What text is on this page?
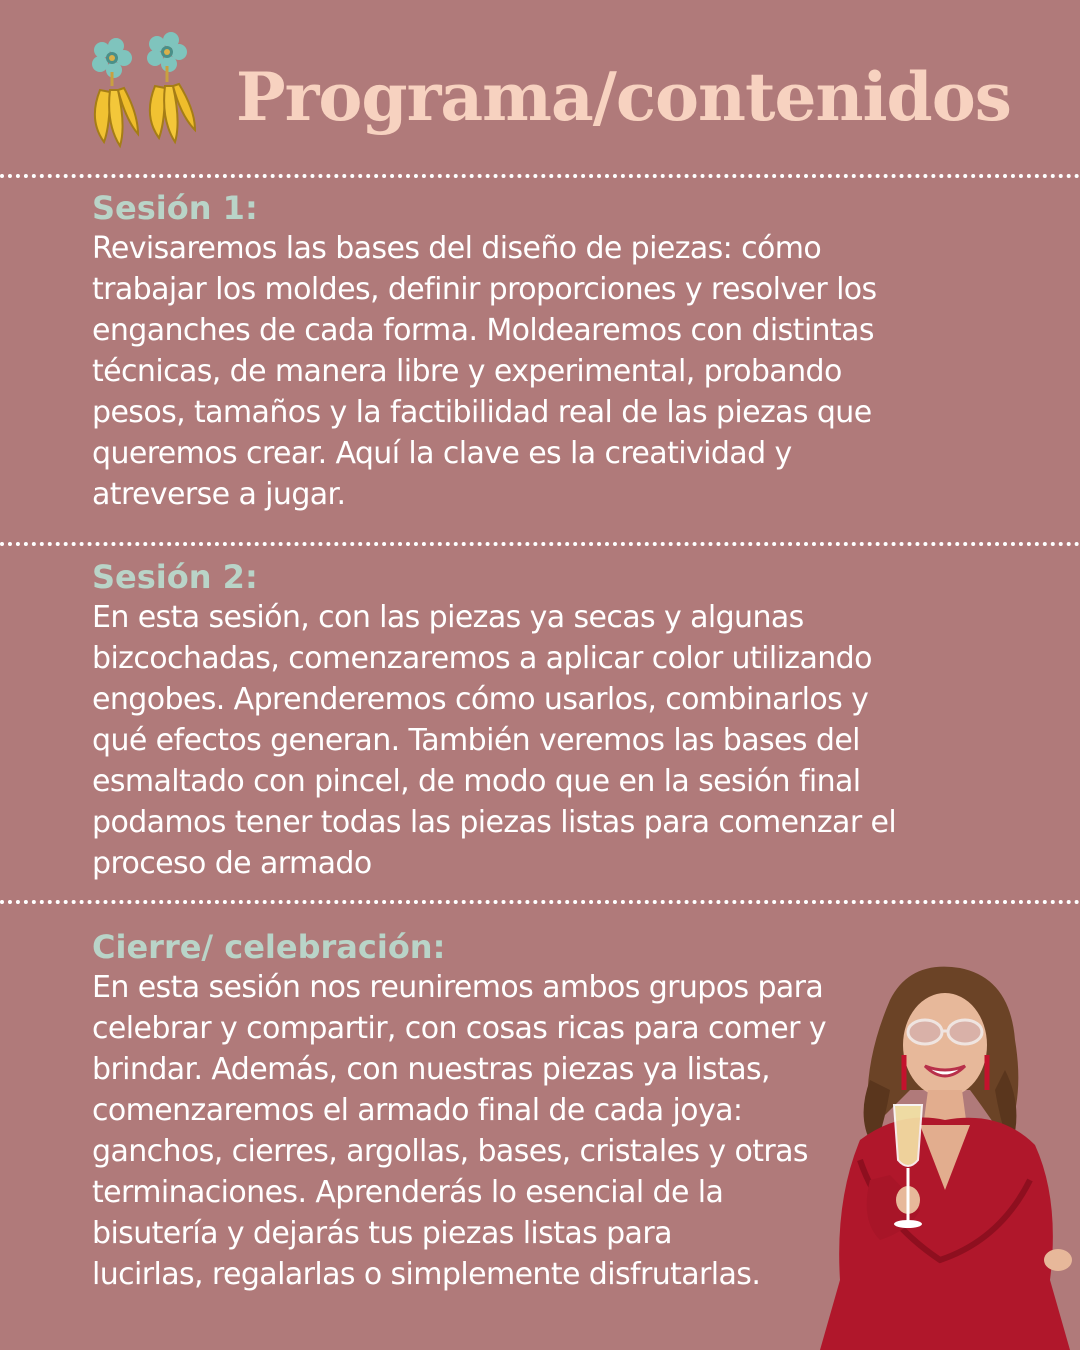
Programa/contenidos

Sesión 1:

Revisaremos las bases del diseño de piezas: cómo
trabajar los moldes, definir proporciones y resolver los
enganches de cada forma. Moldearemos con distintas
técnicas, de manera libre y experimental, probando
pesos, tamaños y la factibilidad real de las piezas que
queremos crear. Aquí la clave es la creatividad y
atreverse a jugar.

Sesión 2:

En esta sesión, con las piezas ya secas y algunas
bizcochadas, comenzaremos a aplicar color utilizando
engobes. Aprenderemos cómo usarlos, combinarlos y
qué efectos generan. También veremos las bases del
esmaltado con pincel, de modo que en la sesión final
podamos tener todas las piezas listas para comenzar el
proceso de armado

Cierre/ celebración:

En esta sesión nos reuniremos ambos grupos para
celebrar y compartir, con cosas ricas para comer y
brindar. Además, con nuestras piezas ya listas,
comenzaremos el armado final de cada joya:
ganchos, cierres, argollas, bases, cristales y otras
terminaciones. Aprenderás lo esencial de la
bisutería y dejarás tus piezas listas para
lucirlas, regalarlas o simplemente disfrutarlas.
